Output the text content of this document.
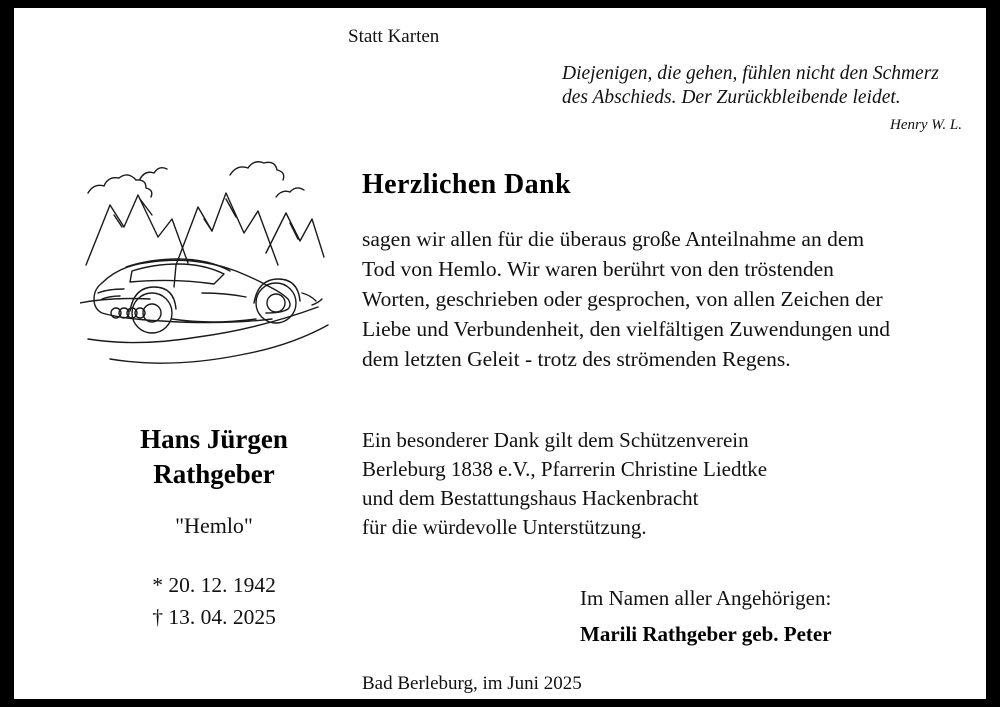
Statt Karten
Diejenigen, die gehen, fühlen nicht den Schmerz
des Abschieds. Der Zurückbleibende leidet.
Henry W. L.
Hans Jürgen
Rathgeber
"Hemlo"
* 20. 12. 1942
† 13. 04. 2025
Herzlichen Dank
sagen wir allen für die überaus große Anteilnahme an dem
Tod von Hemlo. Wir waren berührt von den tröstenden
Worten, geschrieben oder gesprochen, von allen Zeichen der
Liebe und Verbundenheit, den vielfältigen Zuwendungen und
dem letzten Geleit - trotz des strömenden Regens.
Ein besonderer Dank gilt dem Schützenverein
Berleburg 1838 e.V., Pfarrerin Christine Liedtke
und dem Bestattungshaus Hackenbracht
für die würdevolle Unterstützung.
Im Namen aller Angehörigen:
Marili Rathgeber geb. Peter
Bad Berleburg, im Juni 2025
